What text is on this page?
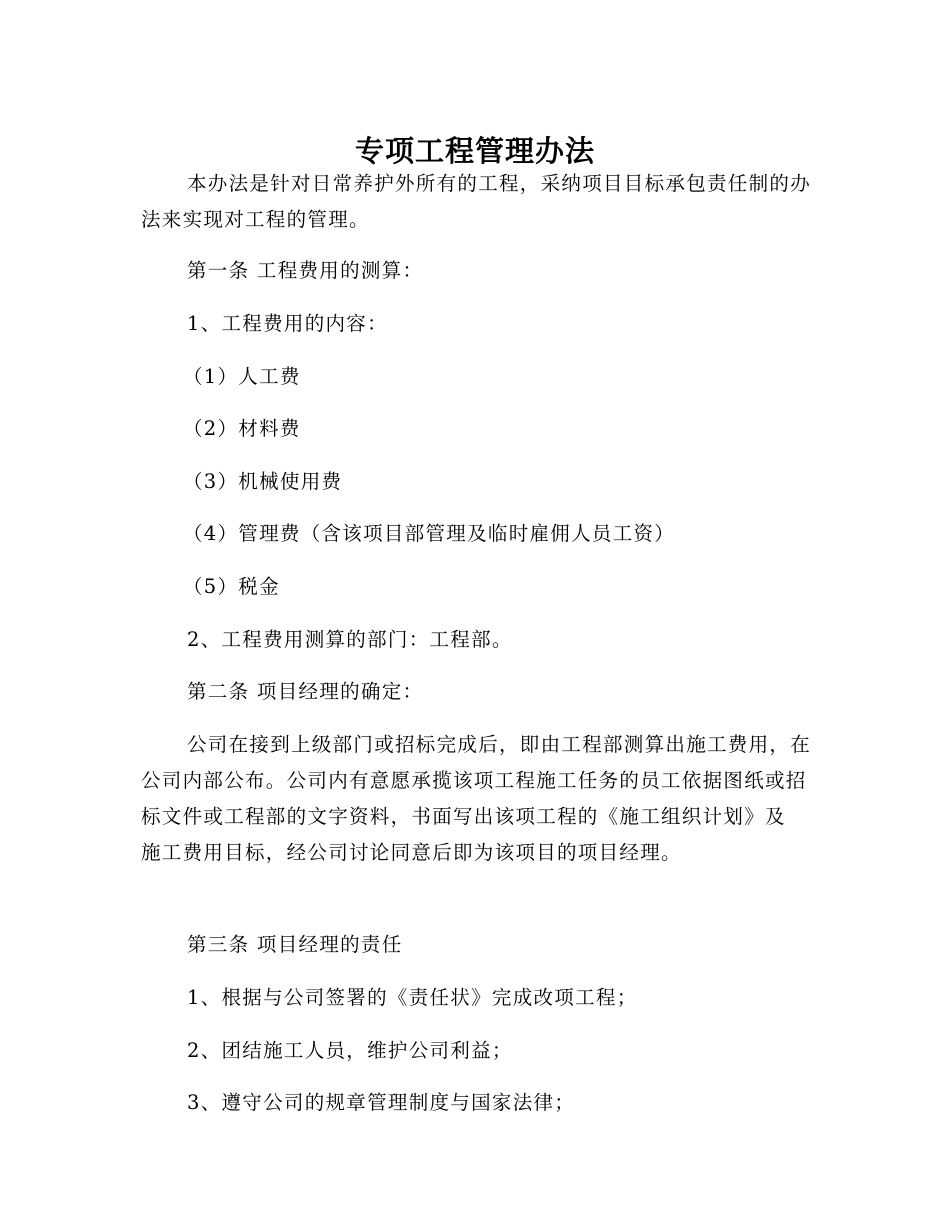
专项工程管理办法

本办法是针对日常养护外所有的工程，采纳项目目标承包责任制的办法来实现对工程的管理。

第一条 工程费用的测算：

1、工程费用的内容：

（1）人工费

（2）材料费

（3）机械使用费

（4）管理费（含该项目部管理及临时雇佣人员工资）

（5）税金

2、工程费用测算的部门：工程部。

第二条 项目经理的确定：

公司在接到上级部门或招标完成后，即由工程部测算出施工费用，在公司内部公布。公司内有意愿承揽该项工程施工任务的员工依据图纸或招标文件或工程部的文字资料，书面写出该项工程的《施工组织计划》及 施工费用目标，经公司讨论同意后即为该项目的项目经理。

第三条 项目经理的责任

1、根据与公司签署的《责任状》完成改项工程；

2、团结施工人员，维护公司利益；

3、遵守公司的规章管理制度与国家法律；
